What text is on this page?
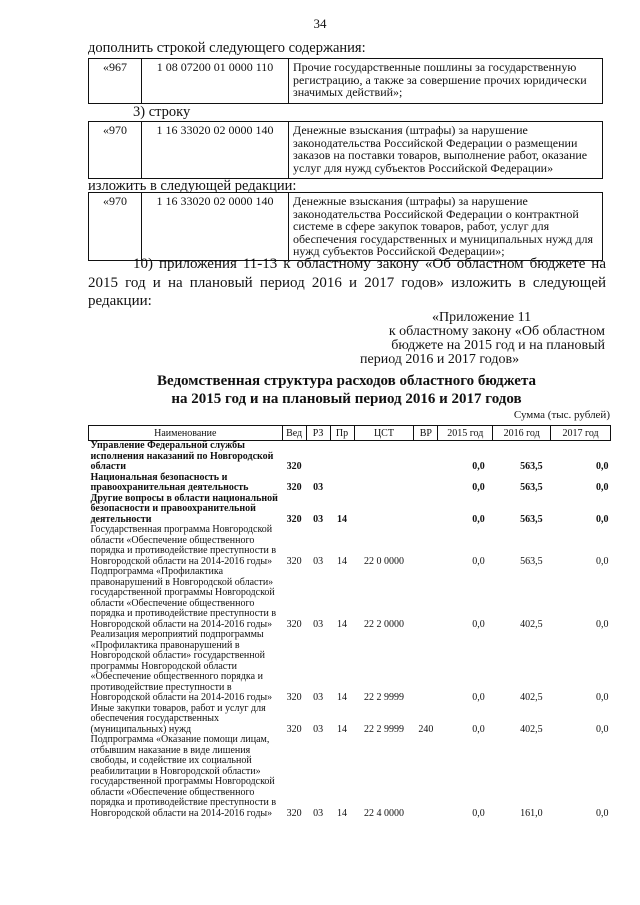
34
дополнить строкой следующего содержания:
«967	1 08 07200 01 0000 110	Прочие государственные пошлины за государственную регистрацию, а также за совершение прочих юридически значимых действий»;
3) строку
«970	1 16 33020 02 0000 140	Денежные взыскания (штрафы) за нарушение законодательства Российской Федерации о размещении заказов на поставки товаров, выполнение работ, оказание услуг для нужд субъектов Российской Федерации»
изложить в следующей редакции:
«970	1 16 33020 02 0000 140	Денежные взыскания (штрафы) за нарушение законодательства Российской Федерации о контрактной системе в сфере закупок товаров, работ, услуг для обеспечения государственных и муниципальных нужд для нужд субъектов Российской Федерации»;
10) приложения 11-13 к областному закону «Об областном бюджете на 2015 год и на плановый период 2016 и 2017 годов» изложить в следующей редакции:
«Приложение 11
к областному закону «Об областном
бюджете на 2015 год и на плановый
период 2016 и 2017 годов»
Ведомственная структура расходов областного бюджета
на 2015 год и на плановый период 2016 и 2017 годов
Сумма (тыс. рублей)
Наименование	Вед	РЗ	Пр	ЦСТ	ВР	2015 год	2016 год	2017 год
Управление Федеральной службы исполнения наказаний по Новгородской области	320					0,0	563,5	0,0
Национальная безопасность и правоохранительная деятельность	320	03				0,0	563,5	0,0
Другие вопросы в области национальной безопасности и правоохранительной деятельности	320	03	14			0,0	563,5	0,0
Государственная программа Новгородской области «Обеспечение общественного порядка и противодействие преступности в Новгородской области на 2014-2016 годы»	320	03	14	22 0 0000		0,0	563,5	0,0
Подпрограмма «Профилактика правонарушений в Новгородской области» государственной программы Новгородской области «Обеспечение общественного порядка и противодействие преступности в Новгородской области на 2014-2016 годы»	320	03	14	22 2 0000		0,0	402,5	0,0
Реализация мероприятий подпрограммы «Профилактика правонарушений в Новгородской области» государственной программы Новгородской области «Обеспечение общественного порядка и противодействие преступности в Новгородской области на 2014-2016 годы»	320	03	14	22 2 9999		0,0	402,5	0,0
Иные закупки товаров, работ и услуг для обеспечения государственных (муниципальных) нужд	320	03	14	22 2 9999	240	0,0	402,5	0,0
Подпрограмма «Оказание помощи лицам, отбывшим наказание в виде лишения свободы, и содействие их социальной реабилитации в Новгородской области» государственной программы Новгородской области «Обеспечение общественного порядка и противодействие преступности в Новгородской области на 2014-2016 годы»	320	03	14	22 4 0000		0,0	161,0	0,0
